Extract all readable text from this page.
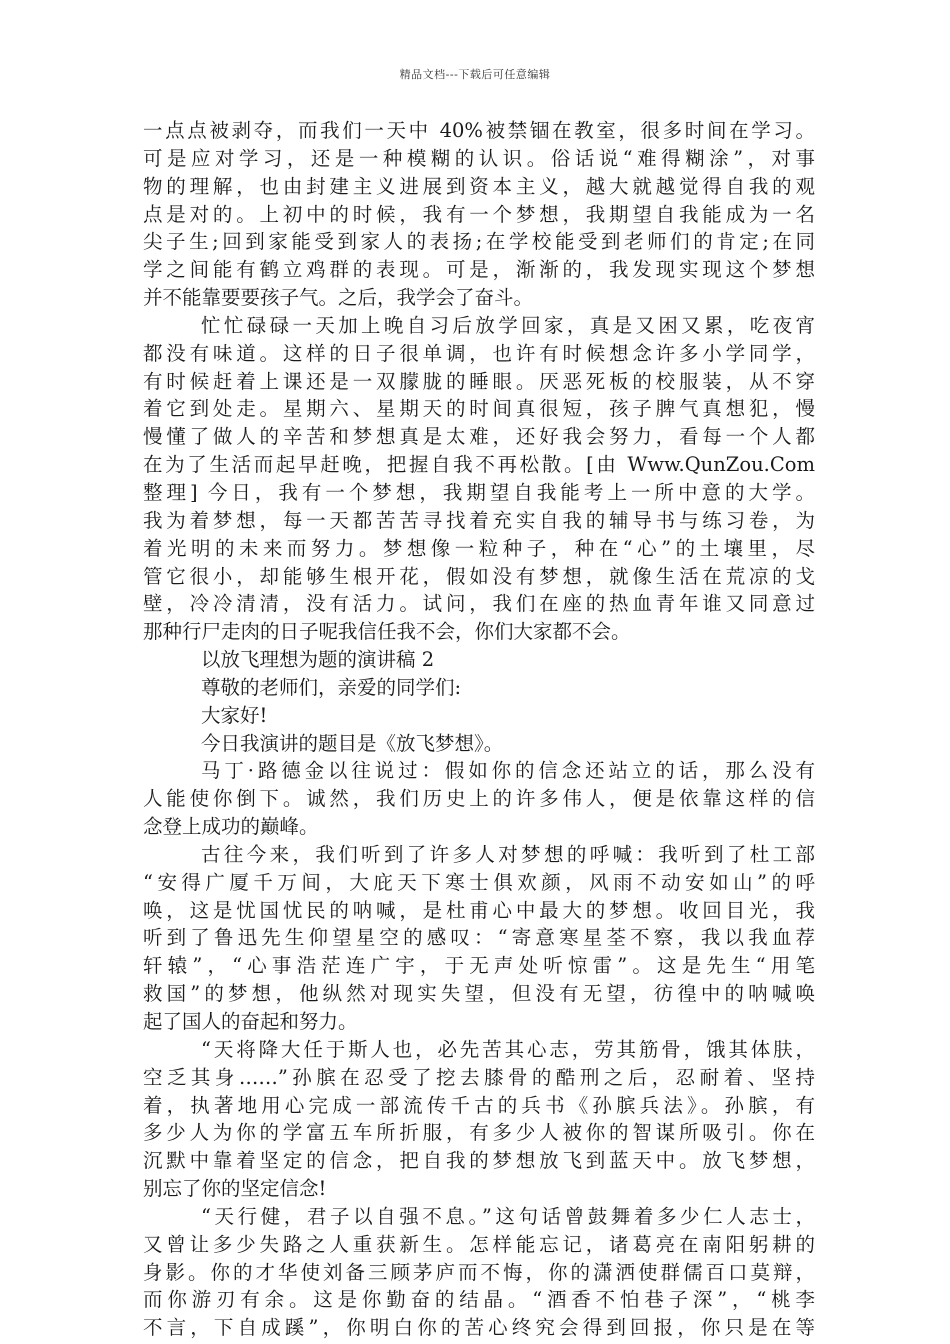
精品文档---下载后可任意编辑
一点点被剥夺，而我们一天中 40%被禁锢在教室，很多时间在学习。
可是应对学习，还是一种模糊的认识。俗话说“难得糊涂”，对事
物的理解，也由封建主义进展到资本主义，越大就越觉得自我的观
点是对的。上初中的时候，我有一个梦想，我期望自我能成为一名
尖子生;回到家能受到家人的表扬;在学校能受到老师们的肯定;在同
学之间能有鹤立鸡群的表现。可是，渐渐的，我发现实现这个梦想
并不能靠要要孩子气。之后，我学会了奋斗。
忙忙碌碌一天加上晚自习后放学回家，真是又困又累，吃夜宵
都没有味道。这样的日子很单调，也许有时候想念许多小学同学，
有时候赶着上课还是一双朦胧的睡眼。厌恶死板的校服装，从不穿
着它到处走。星期六、星期天的时间真很短，孩子脾气真想犯，慢
慢懂了做人的辛苦和梦想真是太难，还好我会努力，看每一个人都
在为了生活而起早赶晚，把握自我不再松散。[由 Www.QunZou.Com
整理] 今日，我有一个梦想，我期望自我能考上一所中意的大学。
我为着梦想，每一天都苦苦寻找着充实自我的辅导书与练习卷，为
着光明的未来而努力。梦想像一粒种子，种在“心”的土壤里，尽
管它很小，却能够生根开花，假如没有梦想，就像生活在荒凉的戈
壁，冷冷清清，没有活力。试问，我们在座的热血青年谁又同意过
那种行尸走肉的日子呢我信任我不会，你们大家都不会。
以放飞理想为题的演讲稿 2
尊敬的老师们，亲爱的同学们:
大家好!
今日我演讲的题目是《放飞梦想》。
马丁·路德金以往说过：假如你的信念还站立的话，那么没有
人能使你倒下。诚然，我们历史上的许多伟人，便是依靠这样的信
念登上成功的巅峰。
古往今来，我们听到了许多人对梦想的呼喊：我听到了杜工部
“安得广厦千万间，大庇天下寒士俱欢颜，风雨不动安如山”的呼
唤，这是忧国忧民的呐喊，是杜甫心中最大的梦想。收回目光，我
听到了鲁迅先生仰望星空的感叹：“寄意寒星荃不察，我以我血荐
轩辕”，“心事浩茫连广宇，于无声处听惊雷”。这是先生“用笔
救国”的梦想，他纵然对现实失望，但没有无望，彷徨中的呐喊唤
起了国人的奋起和努力。
“天将降大任于斯人也，必先苦其心志，劳其筋骨，饿其体肤，
空乏其身……”孙膑在忍受了挖去膝骨的酷刑之后，忍耐着、坚持
着，执著地用心完成一部流传千古的兵书《孙膑兵法》。孙膑，有
多少人为你的学富五车所折服，有多少人被你的智谋所吸引。你在
沉默中靠着坚定的信念，把自我的梦想放飞到蓝天中。放飞梦想，
别忘了你的坚定信念!
“天行健，君子以自强不息。”这句话曾鼓舞着多少仁人志士，
又曾让多少失路之人重获新生。怎样能忘记，诸葛亮在南阳躬耕的
身影。你的才华使刘备三顾茅庐而不悔，你的潇洒使群儒百口莫辩，
而你游刃有余。这是你勤奋的结晶。“酒香不怕巷子深”，“桃李
不言，下自成蹊”，你明白你的苦心终究会得到回报，你只是在等
